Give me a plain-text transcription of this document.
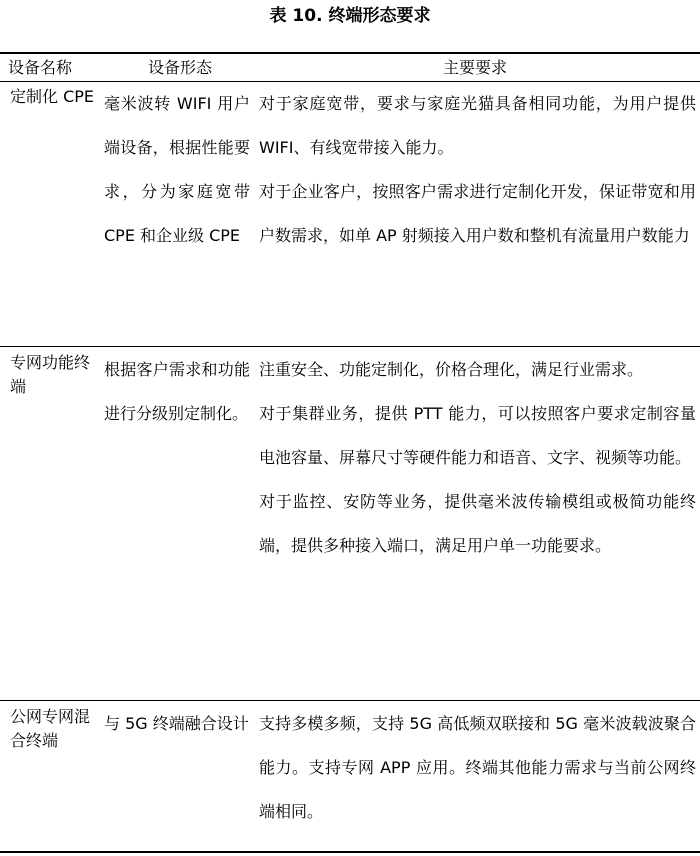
表 10. 终端形态要求
设备名称	设备形态	主要要求
定制化 CPE 毫米波转 WIFI 用户端设备，根据性能要求，分为家庭宽带 CPE 和企业级 CPE

对于家庭宽带，要求与家庭光猫具备相同功能，为用户提供 WIFI、有线宽带接入能力。

对于企业客户，按照客户需求进行定制化开发，保证带宽和用户数需求，如单 AP 射频接入用户数和整机有流量用户数能力

专网功能终端
根据客户需求和功能进行分级别定制化。

注重安全、功能定制化，价格合理化，满足行业需求。

对于集群业务，提供 PTT 能力，可以按照客户要求定制容量电池容量、屏幕尺寸等硬件能力和语音、文字、视频等功能。

对于监控、安防等业务，提供毫米波传输模组或极简功能终端，提供多种接入端口，满足用户单一功能要求。

公网专网混合终端
与 5G 终端融合设计 支持多模多频，支持 5G 高低频双联接和 5G 毫米波载波聚合能力。支持专网 APP 应用。终端其他能力需求与当前公网终端相同。
